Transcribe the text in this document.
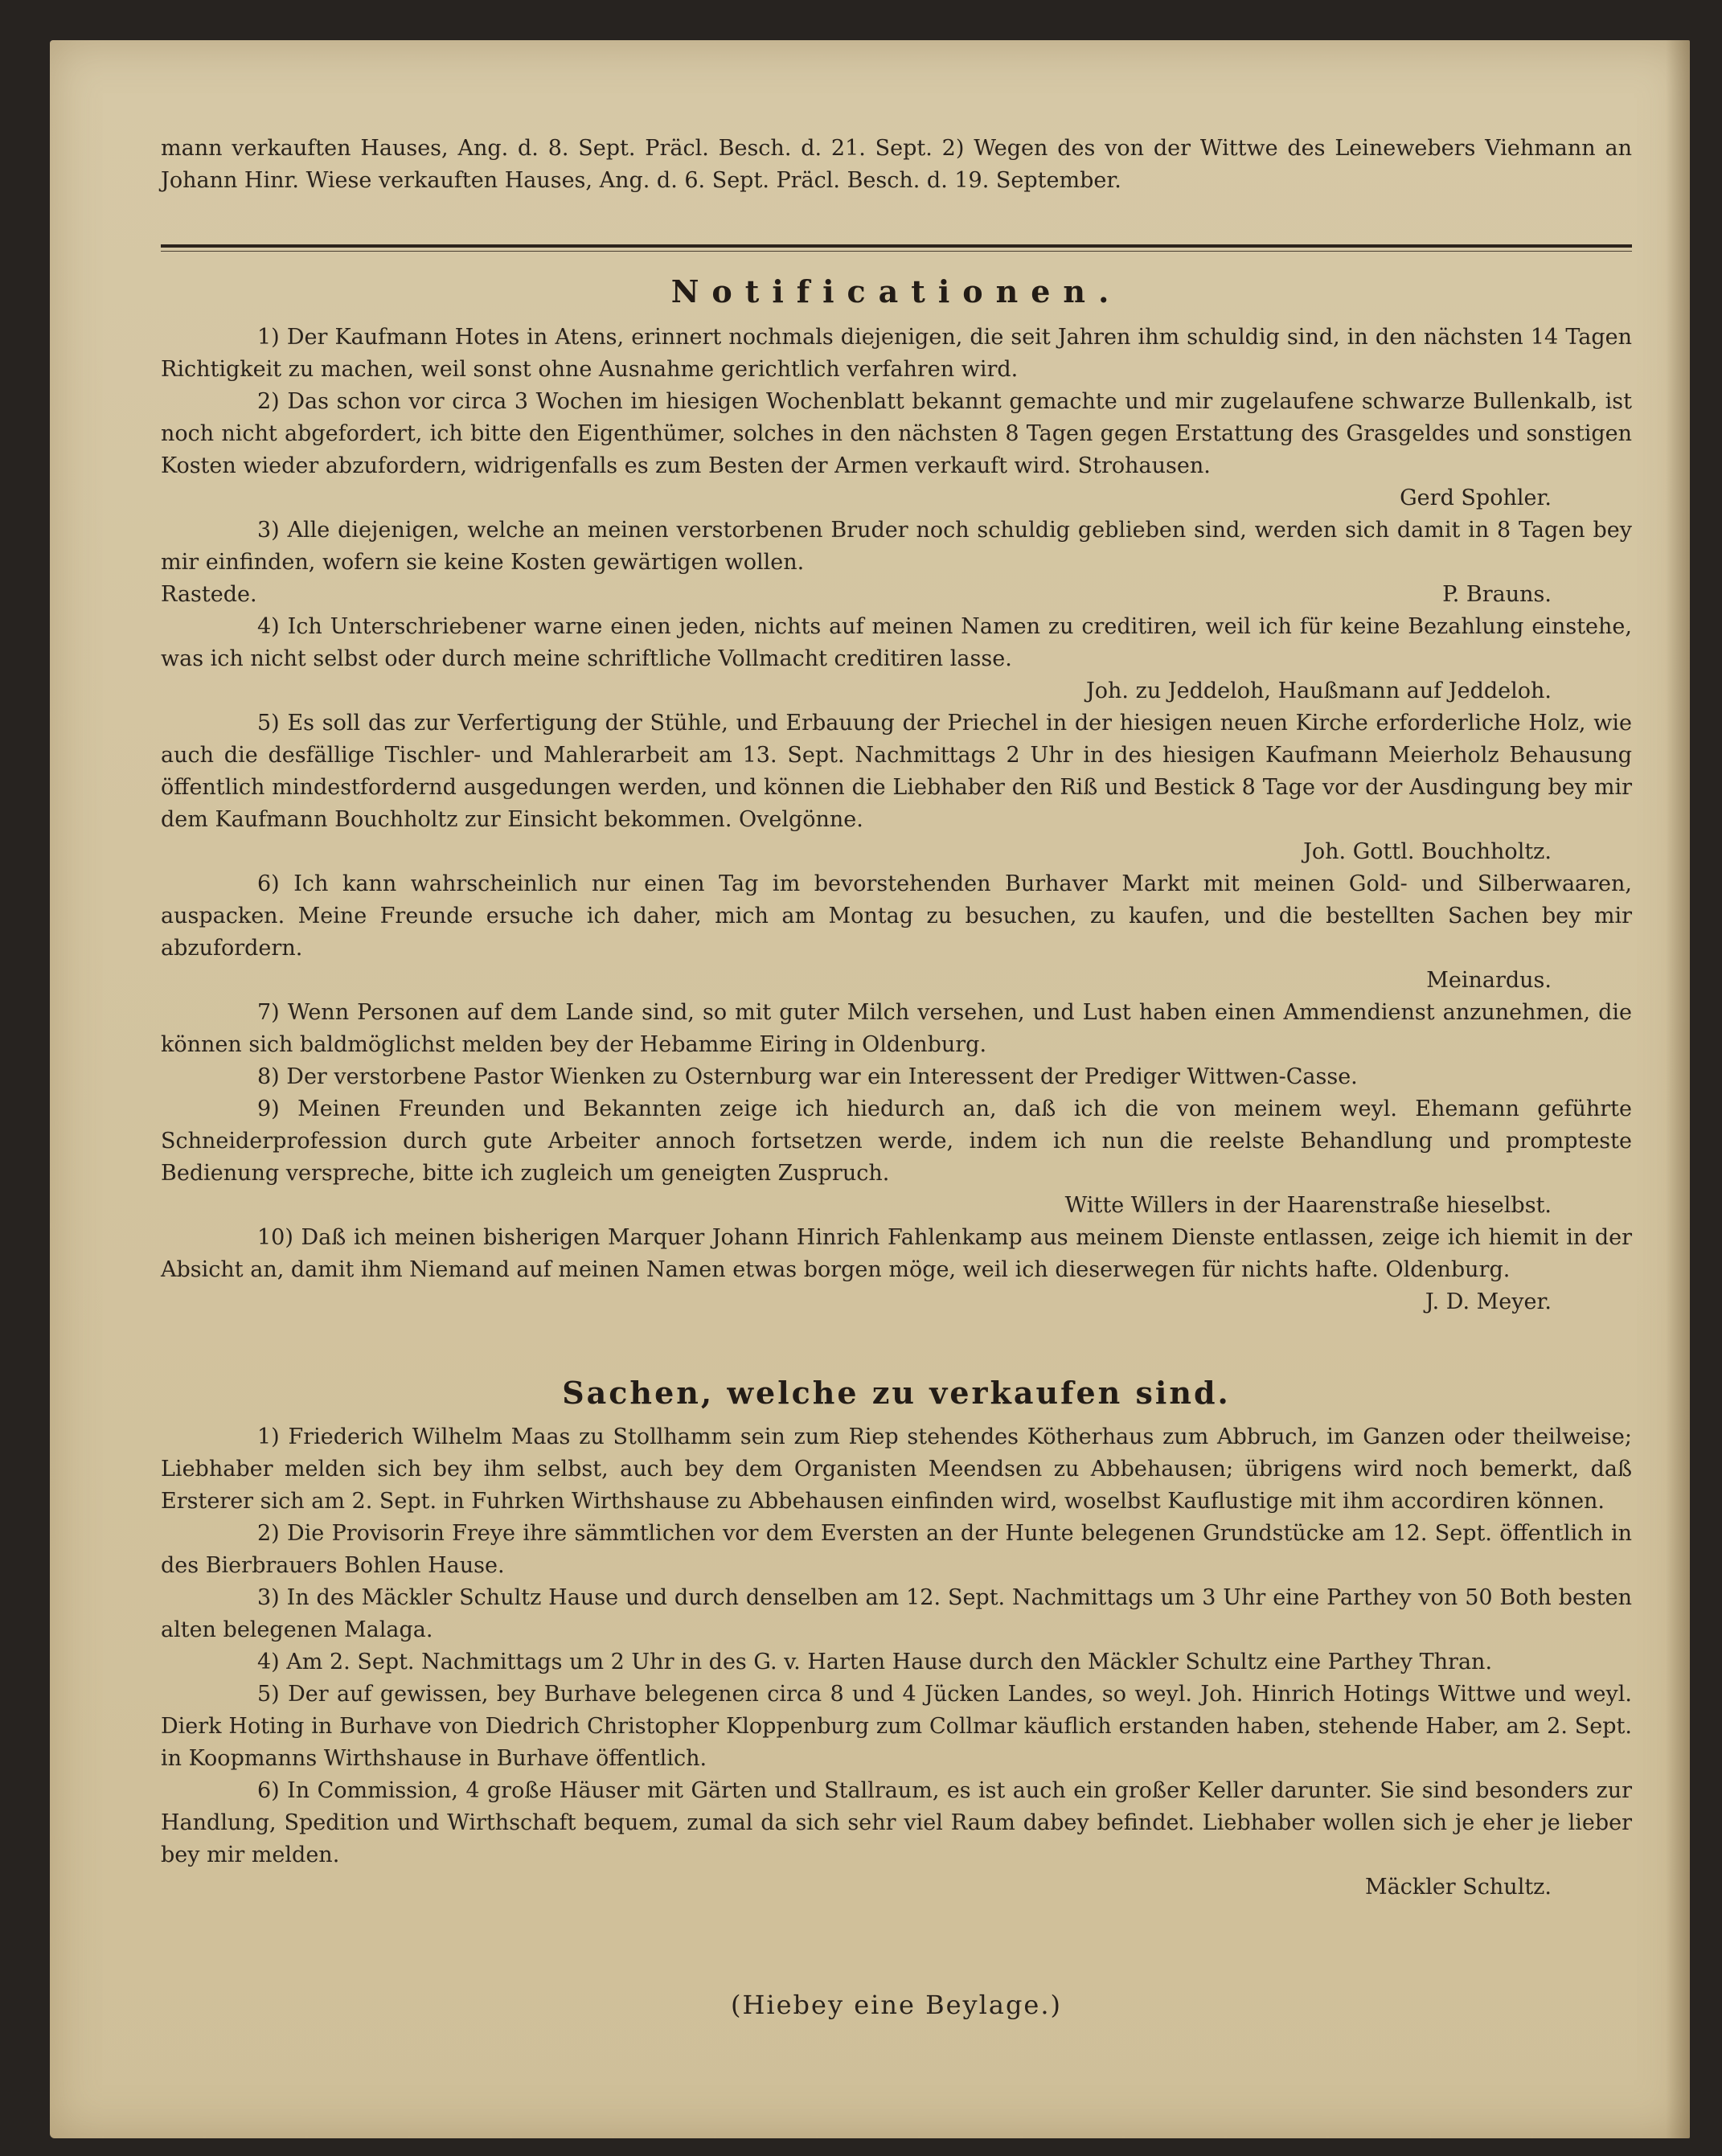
mann verkauften Hauses, Ang. d. 8. Sept. Präcl. Besch. d. 21. Sept. 2) Wegen des von der Wittwe des Leinewebers Viehmann an Johann Hinr. Wiese verkauften Hauses, Ang. d. 6. Sept. Präcl. Besch. d. 19. September.

Notificationen.

1) Der Kaufmann Hotes in Atens, erinnert nochmals diejenigen, die seit Jahren ihm schuldig sind, in den nächsten 14 Tagen Richtigkeit zu machen, weil sonst ohne Ausnahme gerichtlich verfahren wird.

2) Das schon vor circa 3 Wochen im hiesigen Wochenblatt bekannt gemachte und mir zugelaufene schwarze Bullenkalb, ist noch nicht abgefordert, ich bitte den Eigenthümer, solches in den nächsten 8 Tagen gegen Erstattung des Grasgeldes und sonstigen Kosten wieder abzufordern, widrigenfalls es zum Besten der Armen verkauft wird. Strohausen.

Gerd Spohler.

3) Alle diejenigen, welche an meinen verstorbenen Bruder noch schuldig geblieben sind, werden sich damit in 8 Tagen bey mir einfinden, wofern sie keine Kosten gewärtigen wollen.

Rastede.	P. Brauns.

4) Ich Unterschriebener warne einen jeden, nichts auf meinen Namen zu creditiren, weil ich für keine Bezahlung einstehe, was ich nicht selbst oder durch meine schriftliche Vollmacht creditiren lasse.

Joh. zu Jeddeloh, Haußmann auf Jeddeloh.

5) Es soll das zur Verfertigung der Stühle, und Erbauung der Priechel in der hiesigen neuen Kirche erforderliche Holz, wie auch die desfällige Tischler- und Mahlerarbeit am 13. Sept. Nachmittags 2 Uhr in des hiesigen Kaufmann Meierholz Behausung öffentlich mindestfordernd ausgedungen werden, und können die Liebhaber den Riß und Bestick 8 Tage vor der Ausdingung bey mir dem Kaufmann Bouchholtz zur Einsicht bekommen. Ovelgönne.

Joh. Gottl. Bouchholtz.

6) Ich kann wahrscheinlich nur einen Tag im bevorstehenden Burhaver Markt mit meinen Gold- und Silberwaaren, auspacken. Meine Freunde ersuche ich daher, mich am Montag zu besuchen, zu kaufen, und die bestellten Sachen bey mir abzufordern.

Meinardus.

7) Wenn Personen auf dem Lande sind, so mit guter Milch versehen, und Lust haben einen Ammendienst anzunehmen, die können sich baldmöglichst melden bey der Hebamme Eiring in Oldenburg.

8) Der verstorbene Pastor Wienken zu Osternburg war ein Interessent der Prediger Wittwen-Casse.

9) Meinen Freunden und Bekannten zeige ich hiedurch an, daß ich die von meinem weyl. Ehemann geführte Schneiderprofession durch gute Arbeiter annoch fortsetzen werde, indem ich nun die reelste Behandlung und prompteste Bedienung verspreche, bitte ich zugleich um geneigten Zuspruch.

Witte Willers in der Haarenstraße hieselbst.

10) Daß ich meinen bisherigen Marquer Johann Hinrich Fahlenkamp aus meinem Dienste entlassen, zeige ich hiemit in der Absicht an, damit ihm Niemand auf meinen Namen etwas borgen möge, weil ich dieserwegen für nichts hafte. Oldenburg.

J. D. Meyer.

Sachen, welche zu verkaufen sind.

1) Friederich Wilhelm Maas zu Stollhamm sein zum Riep stehendes Kötherhaus zum Abbruch, im Ganzen oder theilweise; Liebhaber melden sich bey ihm selbst, auch bey dem Organisten Meendsen zu Abbehausen; übrigens wird noch bemerkt, daß Ersterer sich am 2. Sept. in Fuhrken Wirthshause zu Abbehausen einfinden wird, woselbst Kauflustige mit ihm accordiren können.

2) Die Provisorin Freye ihre sämmtlichen vor dem Eversten an der Hunte belegenen Grundstücke am 12. Sept. öffentlich in des Bierbrauers Bohlen Hause.

3) In des Mäckler Schultz Hause und durch denselben am 12. Sept. Nachmittags um 3 Uhr eine Parthey von 50 Both besten alten belegenen Malaga.

4) Am 2. Sept. Nachmittags um 2 Uhr in des G. v. Harten Hause durch den Mäckler Schultz eine Parthey Thran.

5) Der auf gewissen, bey Burhave belegenen circa 8 und 4 Jücken Landes, so weyl. Joh. Hinrich Hotings Wittwe und weyl. Dierk Hoting in Burhave von Diedrich Christopher Kloppenburg zum Collmar käuflich erstanden haben, stehende Haber, am 2. Sept. in Koopmanns Wirthshause in Burhave öffentlich.

6) In Commission, 4 große Häuser mit Gärten und Stallraum, es ist auch ein großer Keller darunter. Sie sind besonders zur Handlung, Spedition und Wirthschaft bequem, zumal da sich sehr viel Raum dabey befindet. Liebhaber wollen sich je eher je lieber bey mir melden.

Mäckler Schultz.

(Hiebey eine Beylage.)
